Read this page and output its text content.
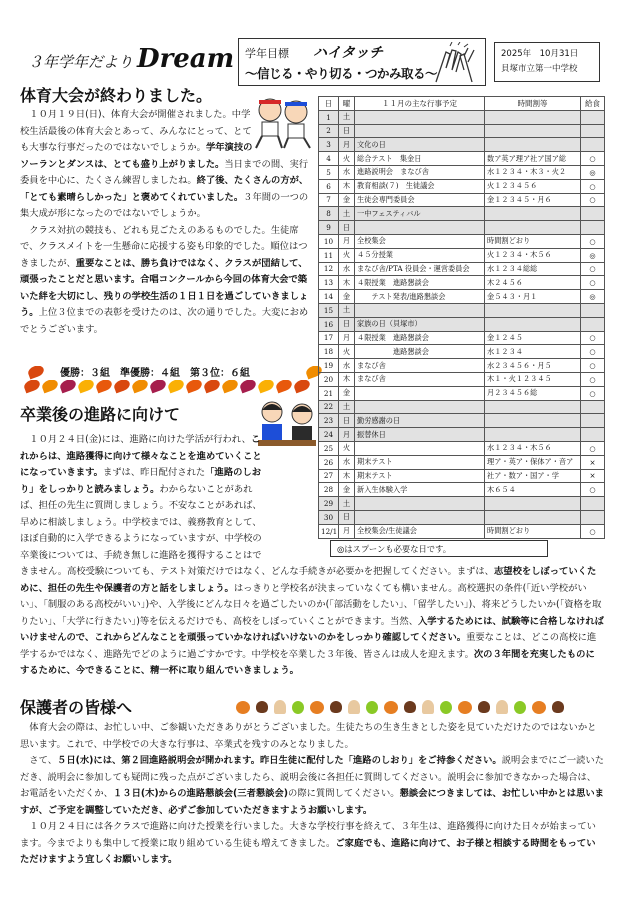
３年学年だより Dream 学年目標 ハイタッチ
～信じる・やり切る・つかみ取る～
2025年　10月31日
貝塚市立第一中学校
体育大会が終わりました。
　１０月１９日(日)、体育大会が開催されました。中学校生活最後の体育大会とあって、みんなにとって、とても大事な行事だったのではないでしょうか。学年演技のソーランとダンスは、とても盛り上がりました。当日までの間、実行委員を中心に、たくさん練習しましたね。終了後、たくさんの方が、「とても素晴らしかった」と褒めてくれていました。３年間の一つの集大成が形になったのではないでしょうか。
　クラス対抗の競技も、どれも見ごたえのあるものでした。生徒席で、クラスメイトを一生懸命に応援する姿も印象的でした。順位はつきましたが、重要なことは、勝ち負けではなく、クラスが団結して、頑張ったことだと思います。合唱コンクールから今回の体育大会で築いた絆を大切にし、残りの学校生活の１日１日を過ごしていきましょう。上位３位までの表彰を受けたのは、次の通りでした。大変におめでとうございます。
優勝：３組　 準優勝：４組　 第３位：６組
卒業後の進路に向けて
　１０月２４日(金)には、進路に向けた学活が行われ、これからは、進路獲得に向けて様々なことを進めていくことになっていきます。まずは、昨日配付された「進路のしおり」をしっかりと読みましょう。わからないことがあれば、担任の先生に質問しましょう。不安なことがあれば、早めに相談しましょう。中学校までは、義務教育として、ほぼ自動的に入学できるようになっていますが、中学校の卒業後については、手続き無しに進路を獲得することはできません。高校受験についても、テスト対策だけではなく、どんな手続きが必要かを把握してください。まずは、志望校をしぼっていくために、担任の先生や保護者の方と話をしましょう。はっきりと学校名が決まっていなくても構いません。高校選択の条件(「近い学校がいい」、「制服のある高校がいい」)や、入学後にどんな日々を過ごしたいのか(「部活動をしたい」、「留学したい」)、将来どうしたいか(「資格を取りたい」、「大学に行きたい」)等を伝えるだけでも、高校をしぼっていくことができます。当然、入学するためには、試験等に合格しなければいけませんので、これからどんなことを頑張っていかなければいけないのかをしっかり確認してください。重要なことは、どこの高校に進学するかではなく、進路先でどのように過ごすかです。中学校を卒業した３年後、皆さんは成人を迎えます。次の３年間を充実したものにするために、今できることに、精一杯に取り組んでいきましょう。
日	曜	１１月の主な行事予定	時間割等	給食
1	土			
2	日			
3	月	文化の日		
4	火	総合テスト　集金日	数ア英ア理ア社ア国ア総	○
5	水	進路説明会　まなび舎	水１２３４・木３・火２	◎
6	木	教育相談(７)　生徒議会	火１２３４５６	○
7	金	生徒会専門委員会	金１２３４５・月６	○
8	土	一中フェスティバル		
9	日			
10	月	全校集会	時間割どおり	○
11	火	４５分授業	火１２３４・木５６	◎
12	水	まなび舎/PTA 役員会・運営委員会	水１２３４総総	○
13	木	４限授業　進路懇談会	木２４５６	○
14	金	　　テスト発表/進路懇談会	金５４３・月１	◎
15	土			
16	日	家族の日（貝塚市）		
17	月	４限授業　進路懇談会	金１２４５	○
18	火	　　　　　進路懇談会	水１２３４	○
19	水	まなび舎	水２３４５６・月５	○
20	木	まなび舎	木１・火１２３４５	○
21	金		月２３４５６総	○
22	土			
23	日	勤労感謝の日		
24	月	振替休日		
25	火		水１２３４・木５６	○
26	水	期末テスト	理ア・英ア・保体ア・音ア	×
27	木	期末テスト	社ア・数ア・国ア・学	×
28	金	新入生体験入学	木６５４	○
29	土			
30	日			
12/1	月	全校集会/生徒議会	時間割どおり	○
◎はスプーンも必要な日です。
保護者の皆様へ
　体育大会の際は、お忙しい中、ご参観いただきありがとうございました。生徒たちの生き生きとした姿を見ていただけたのではないかと思います。これで、中学校での大きな行事は、卒業式を残すのみとなりました。
　さて、５日(水)には、第２回進路説明会が開かれます。昨日生徒に配付した「進路のしおり」をご持参ください。説明会までにご一読いただき、説明会に参加しても疑問に残った点がございましたら、説明会後に各担任に質問してください。説明会に参加できなかった場合は、お電話をいただくか、１３日(木)からの進路懇談会(三者懇談会)の際に質問してください。懇談会につきましては、お忙しい中かとは思いますが、ご予定を調整していただき、必ずご参加していただきますようお願いします。
　１０月２４日には各クラスで進路に向けた授業を行いました。大きな学校行事を終えて、３年生は、進路獲得に向けた日々が始まっています。今までよりも集中して授業に取り組めている生徒も増えてきました。ご家庭でも、進路に向けて、お子様と相談する時間をもっていただけますよう宜しくお願いします。
